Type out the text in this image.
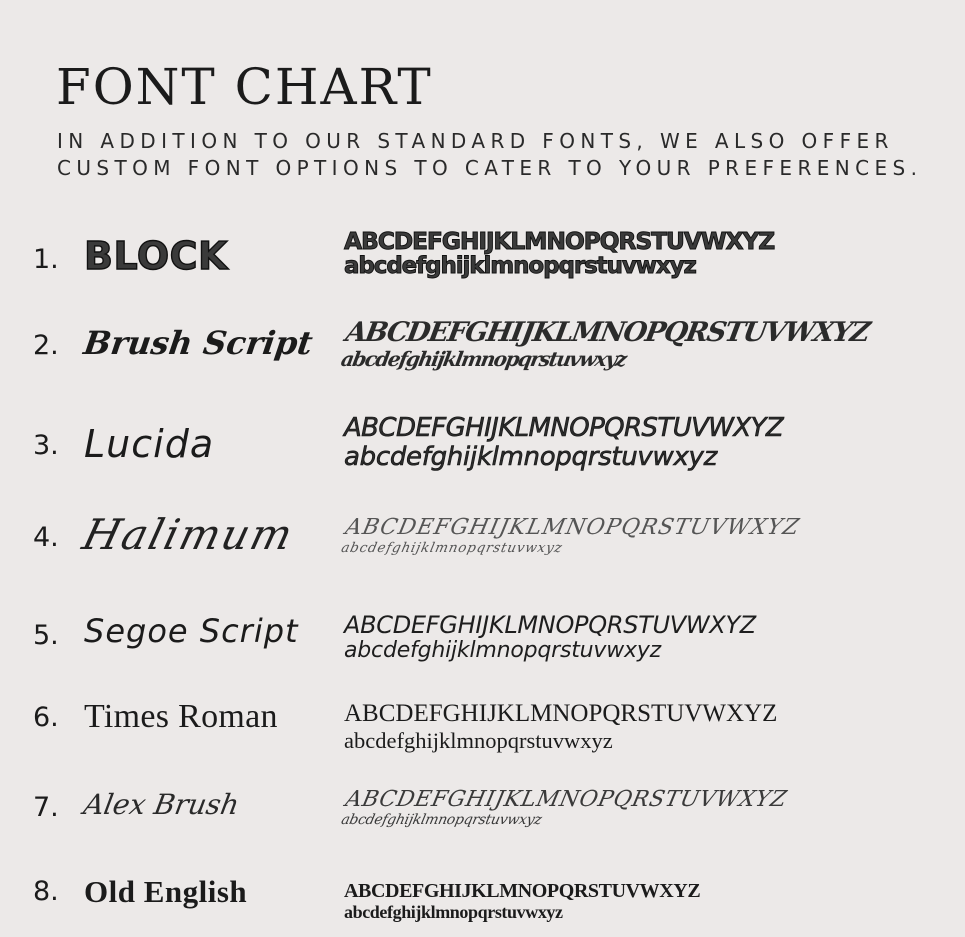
FONT CHART
IN ADDITION TO OUR STANDARD FONTS, WE ALSO OFFER
CUSTOM FONT OPTIONS TO CATER TO YOUR PREFERENCES.
1. BLOCK	ABCDEFGHIJKLMNOPQRSTUVWXYZ
abcdefghijklmnopqrstuvwxyz
2. Brush Script ABCDEFGHIJKLMNOPQRSTUVWXYZ
abcdefghijklmnopqrstuvwxyz
3. Lucida	ABCDEFGHIJKLMNOPQRSTUVWXYZ
abcdefghijklmnopqrstuvwxyz
4. Halimum ABCDEFGHIJKLMNOPQRSTUVWXYZ
abcdefghijklmnopqrstuvwxyz
5. Segoe Script ABCDEFGHIJKLMNOPQRSTUVWXYZ
abcdefghijklmnopqrstuvwxyz
6. Times Roman	ABCDEFGHIJKLMNOPQRSTUVWXYZ
abcdefghijklmnopqrstuvwxyz
7. Alex Brush	ABCDEFGHIJKLMNOPQRSTUVWXYZ
abcdefghijklmnopqrstuvwxyz
8. Old English	ABCDEFGHIJKLMNOPQRSTUVWXYZ
abcdefghijklmnopqrstuvwxyz
